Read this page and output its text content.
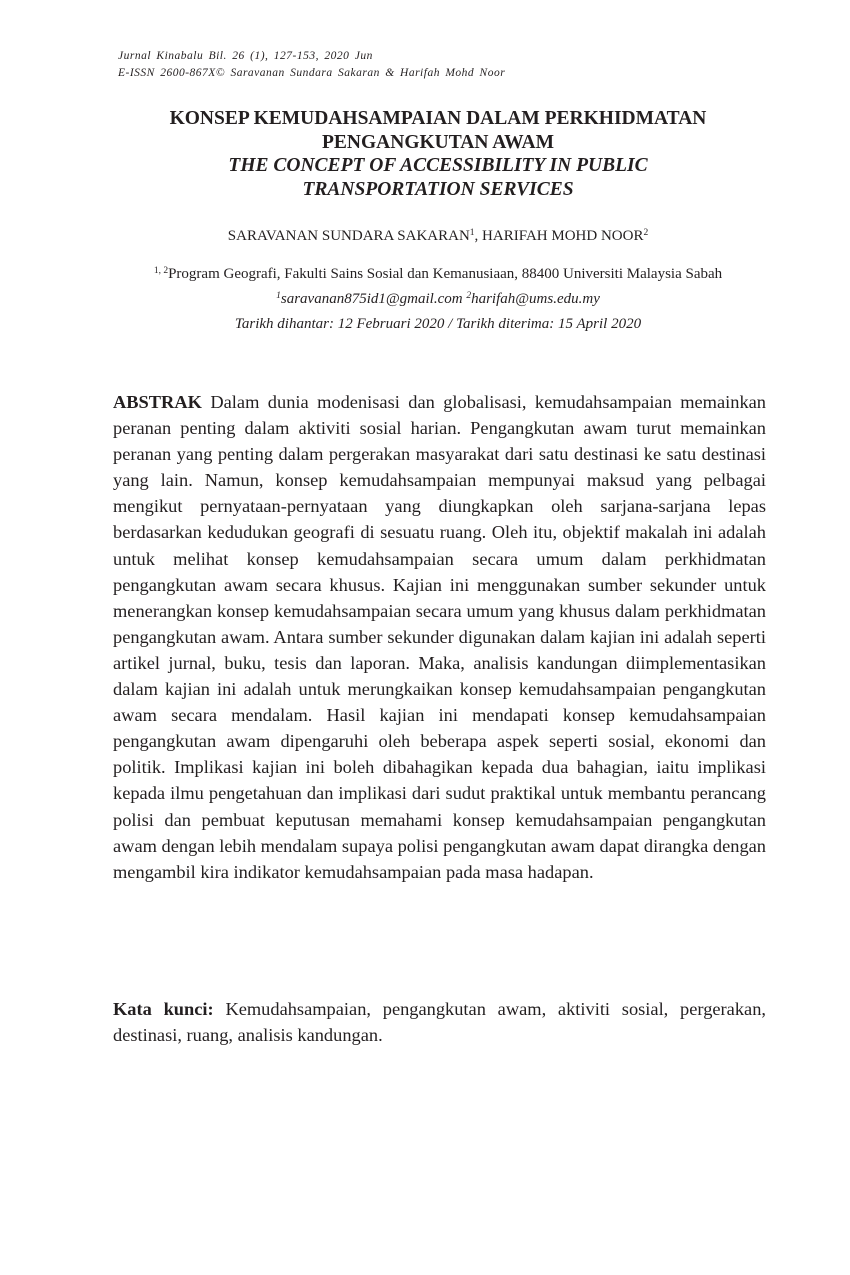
Jurnal Kinabalu Bil. 26 (1), 127-153, 2020 Jun
E-ISSN 2600-867X© Saravanan Sundara Sakaran & Harifah Mohd Noor
KONSEP KEMUDAHSAMPAIAN DALAM PERKHIDMATAN
PENGANGKUTAN AWAM
THE CONCEPT OF ACCESSIBILITY IN PUBLIC
TRANSPORTATION SERVICES
SARAVANAN SUNDARA SAKARAN$^1$, HARIFAH MOHD NOOR$^2$
$^{1, 2}$Program Geografi, Fakulti Sains Sosial dan Kemanusiaan, 88400 Universiti Malaysia Sabah
$^1$saravanan875id1@gmail.com $^2$harifah@ums.edu.my
Tarikh dihantar: 12 Februari 2020 / Tarikh diterima: 15 April 2020

ABSTRAK Dalam dunia modenisasi dan globalisasi, kemudahsampaian memainkan peranan penting dalam aktiviti sosial harian. Pengangkutan awam turut memainkan peranan yang penting dalam pergerakan masyarakat dari satu destinasi ke satu destinasi yang lain. Namun, konsep kemudahsampaian mempunyai maksud yang pelbagai mengikut pernyataan-pernyataan yang diungkapkan oleh sarjana-sarjana lepas berdasarkan kedudukan geografi di sesuatu ruang. Oleh itu, objektif makalah ini adalah untuk melihat konsep kemudahsampaian secara umum dalam perkhidmatan pengangkutan awam secara khusus. Kajian ini menggunakan sumber sekunder untuk menerangkan konsep kemudahsampaian secara umum yang khusus dalam perkhidmatan pengangkutan awam. Antara sumber sekunder digunakan dalam kajian ini adalah seperti artikel jurnal, buku, tesis dan laporan. Maka, analisis kandungan diimplementasikan dalam kajian ini adalah untuk merungkaikan konsep kemudahsampaian pengangkutan awam secara mendalam. Hasil kajian ini mendapati konsep kemudahsampaian pengangkutan awam dipengaruhi oleh beberapa aspek seperti sosial, ekonomi dan politik. Implikasi kajian ini boleh dibahagikan kepada dua bahagian, iaitu implikasi kepada ilmu pengetahuan dan implikasi dari sudut praktikal untuk membantu perancang polisi dan pembuat keputusan memahami konsep kemudahsampaian pengangkutan awam dengan lebih mendalam supaya polisi pengangkutan awam dapat dirangka dengan mengambil kira indikator kemudahsampaian pada masa hadapan.

Kata kunci: Kemudahsampaian, pengangkutan awam, aktiviti sosial, pergerakan, destinasi, ruang, analisis kandungan.
